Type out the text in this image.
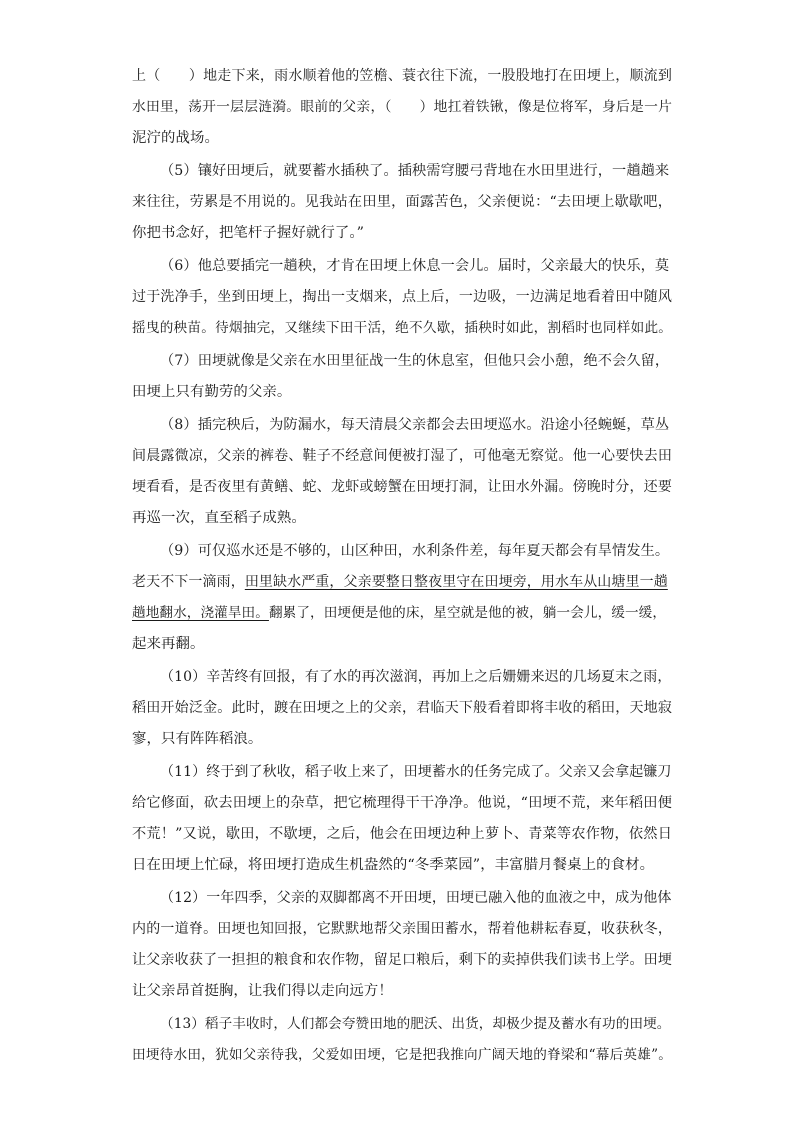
上（　　）地走下来，雨水顺着他的笠檐、蓑衣往下流，一股股地打在田埂上，顺流到
水田里，荡开一层层涟漪。眼前的父亲，（　　）地扛着铁锹，像是位将军，身后是一片
泥泞的战场。
（5）镶好田埂后，就要蓄水插秧了。插秧需穹腰弓背地在水田里进行，一趟趟来
来往往，劳累是不用说的。见我站在田里，面露苦色，父亲便说：“去田埂上歇歇吧，
你把书念好，把笔杆子握好就行了。”
（6）他总要插完一趟秧，才肯在田埂上休息一会儿。届时，父亲最大的快乐，莫
过于洗净手，坐到田埂上，掏出一支烟来，点上后，一边吸，一边满足地看着田中随风
摇曳的秧苗。待烟抽完，又继续下田干活，绝不久歇，插秧时如此，割稻时也同样如此。
（7）田埂就像是父亲在水田里征战一生的休息室，但他只会小憩，绝不会久留，
田埂上只有勤劳的父亲。
（8）插完秧后，为防漏水，每天清晨父亲都会去田埂巡水。沿途小径蜿蜒，草丛
间晨露微凉，父亲的裤卷、鞋子不经意间便被打湿了，可他毫无察觉。他一心要快去田
埂看看，是否夜里有黄鳝、蛇、龙虾或螃蟹在田埂打洞，让田水外漏。傍晚时分，还要
再巡一次，直至稻子成熟。
（9）可仅巡水还是不够的，山区种田，水利条件差，每年夏天都会有旱情发生。
老天不下一滴雨，田里缺水严重，父亲要整日整夜里守在田埂旁，用水车从山塘里一趟
趟地翻水，浇灌旱田。翻累了，田埂便是他的床，星空就是他的被，躺一会儿，缓一缓，
起来再翻。
（10）辛苦终有回报，有了水的再次滋润，再加上之后姗姗来迟的几场夏末之雨，
稻田开始泛金。此时，踱在田埂之上的父亲，君临天下般看着即将丰收的稻田，天地寂
寥，只有阵阵稻浪。
（11）终于到了秋收，稻子收上来了，田埂蓄水的任务完成了。父亲又会拿起镰刀
给它修面，砍去田埂上的杂草，把它梳理得干干净净。他说，“田埂不荒，来年稻田便
不荒！”又说，歇田，不歇埂，之后，他会在田埂边种上萝卜、青菜等农作物，依然日
日在田埂上忙碌，将田埂打造成生机盎然的“冬季菜园”，丰富腊月餐桌上的食材。
（12）一年四季，父亲的双脚都离不开田埂，田埂已融入他的血液之中，成为他体
内的一道脊。田埂也知回报，它默默地帮父亲围田蓄水，帮着他耕耘春夏，收获秋冬，
让父亲收获了一担担的粮食和农作物，留足口粮后，剩下的卖掉供我们读书上学。田埂
让父亲昂首挺胸，让我们得以走向远方！
（13）稻子丰收时，人们都会夸赞田地的肥沃、出货，却极少提及蓄水有功的田埂。
田埂待水田，犹如父亲待我，父爱如田埂，它是把我推向广阔天地的脊梁和“幕后英雄”。
